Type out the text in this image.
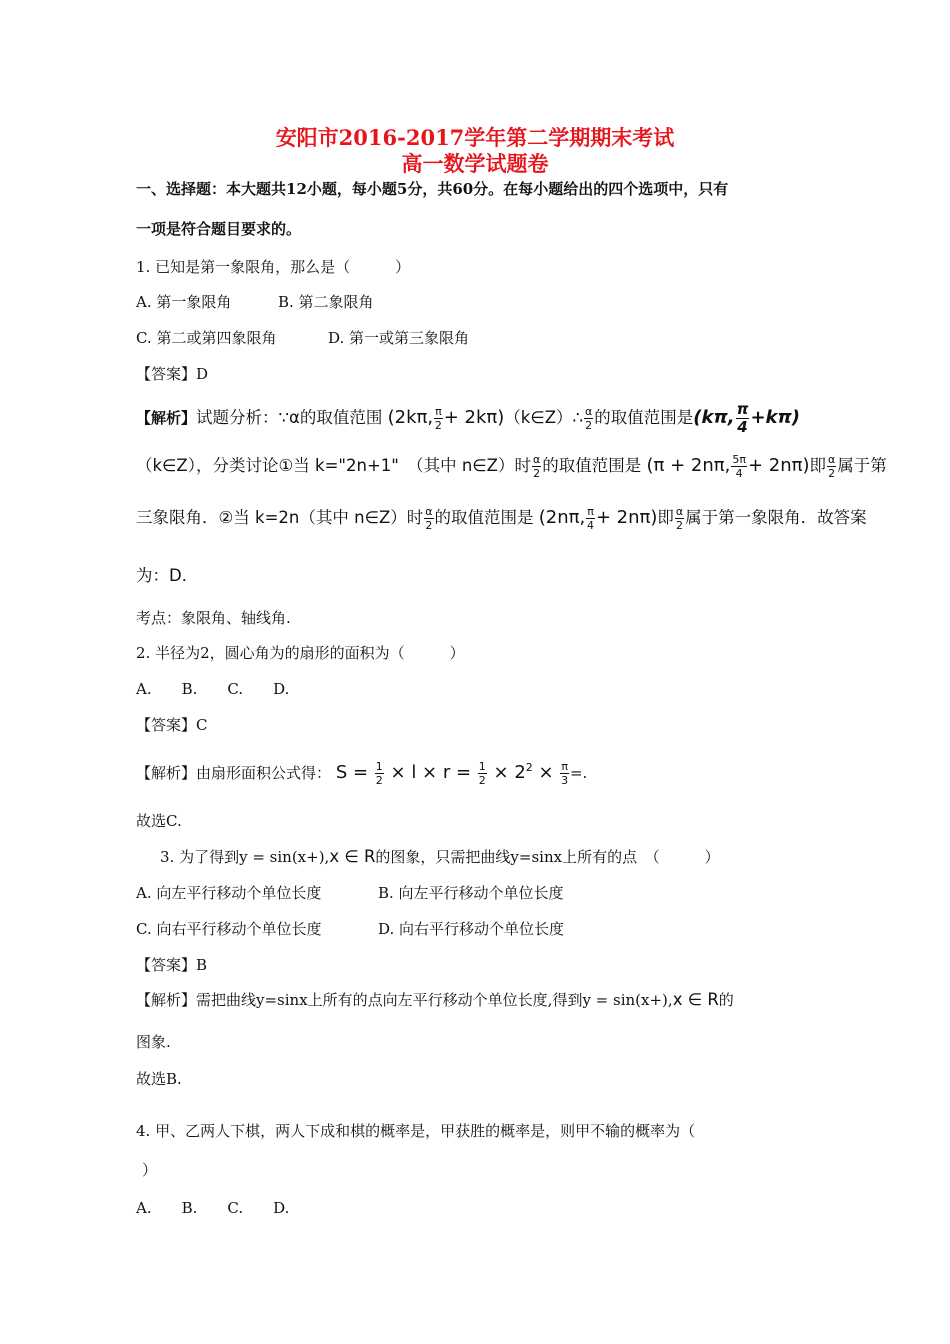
安阳市2016-2017学年第二学期期末考试
高一数学试题卷
一、选择题：本大题共12小题，每小题5分，共60分。在每小题给出的四个选项中，只有
一项是符合题目要求的。
1. 已知是第一象限角，那么是（　　　）
A. 第一象限角	B. 第二象限角
C. 第二或第四象限角	D. 第一或第三象限角
【答案】D
【解析】试题分析：∵α的取值范围 (2kπ, $\frac{\pi}{2}$ + 2kπ)（k∈Z）∴ $\frac{\alpha}{2}$ 的取值范围是(kπ, $\frac{\pi}{4} +k\pi$)
（k∈Z），分类讨论①当 k="2n+1"　（其中 n∈Z）时 $\frac{\alpha}{2}$ 的取值范围是 (π + 2nπ, $\frac{5\pi}{4} + 2n\pi$)即 $\frac{\alpha}{2}$ 属于第
三象限角．②当 k=2n（其中 n∈Z）时 $\frac{\alpha}{2}$ 的取值范围是 (2nπ, $\frac{\pi}{4} + 2n\pi$)即 $\frac{\alpha}{2}$ 属于第一象限角．故答案
为：D．
考点：象限角、轴线角.
2. 半径为2，圆心角为的扇形的面积为（　　　）
A.　　B.　　C.　　D.
【答案】C
【解析】由扇形面积公式得： $S = \frac{1}{2} \times l \times r = \frac{1}{2} \times 2^2 \times \frac{\pi}{3}$ =.
故选C.
3. 为了得到y = sin(x+),x ∈ R的图象，只需把曲线y=sinx上所有的点　（　　　）
A. 向左平行移动个单位长度	B. 向左平行移动个单位长度
C. 向右平行移动个单位长度	D. 向右平行移动个单位长度
【答案】B
【解析】需把曲线y=sinx上所有的点向左平行移动个单位长度,得到y = sin(x+),x ∈ R的
图象.
故选B.
4. 甲、乙两人下棋，两人下成和棋的概率是，甲获胜的概率是，则甲不输的概率为（
）
A.　　B.　　C.　　D.
